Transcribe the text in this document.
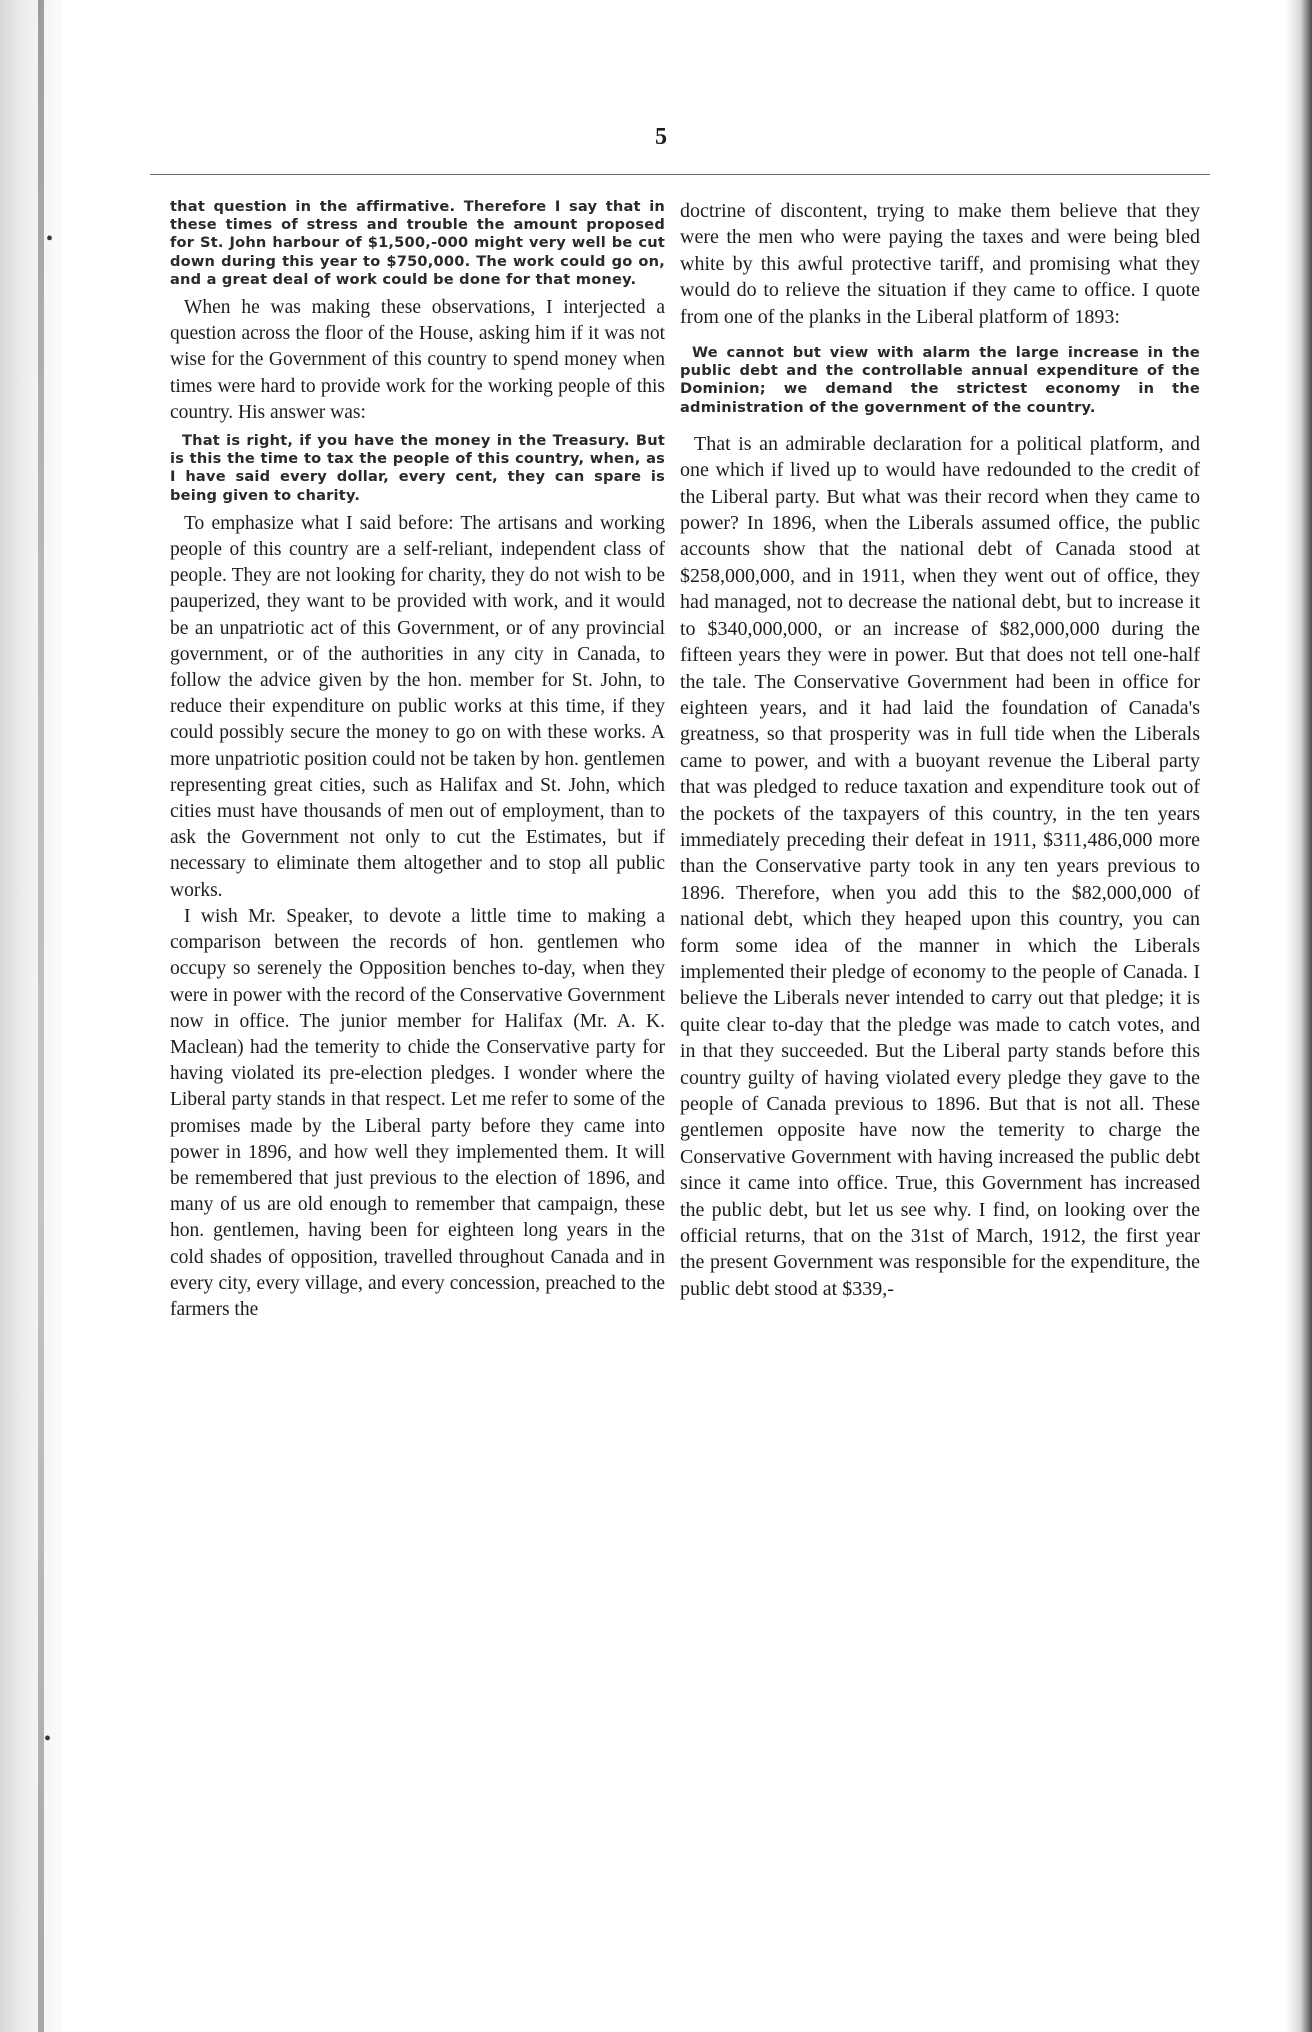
•
•
5

that question in the affirmative. Therefore I say that in these times of stress and trouble the amount proposed for St. John harbour of $1,500,-000 might very well be cut down during this year to $750,000. The work could go on, and a great deal of work could be done for that money.

When he was making these observations, I interjected a question across the floor of the House, asking him if it was not wise for the Government of this country to spend money when times were hard to provide work for the working people of this country. His answer was:

That is right, if you have the money in the Treasury. But is this the time to tax the people of this country, when, as I have said every dollar, every cent, they can spare is being given to charity.

To emphasize what I said before: The artisans and working people of this country are a self-reliant, independent class of people. They are not looking for charity, they do not wish to be pauperized, they want to be provided with work, and it would be an unpatriotic act of this Government, or of any provincial government, or of the authorities in any city in Canada, to follow the advice given by the hon. member for St. John, to reduce their expenditure on public works at this time, if they could possibly secure the money to go on with these works. A more unpatriotic position could not be taken by hon. gentlemen representing great cities, such as Halifax and St. John, which cities must have thousands of men out of employment, than to ask the Government not only to cut the Estimates, but if necessary to eliminate them altogether and to stop all public works.

I wish Mr. Speaker, to devote a little time to making a comparison between the records of hon. gentlemen who occupy so serenely the Opposition benches to-day, when they were in power with the record of the Conservative Government now in office. The junior member for Halifax (Mr. A. K. Maclean) had the temerity to chide the Conservative party for having violated its pre-election pledges. I wonder where the Liberal party stands in that respect. Let me refer to some of the promises made by the Liberal party before they came into power in 1896, and how well they implemented them. It will be remembered that just previous to the election of 1896, and many of us are old enough to remember that campaign, these hon. gentlemen, having been for eighteen long years in the cold shades of opposition, travelled throughout Canada and in every city, every village, and every concession, preached to the farmers the

doctrine of discontent, trying to make them believe that they were the men who were paying the taxes and were being bled white by this awful protective tariff, and promising what they would do to relieve the situation if they came to office. I quote from one of the planks in the Liberal platform of 1893:

We cannot but view with alarm the large increase in the public debt and the controllable annual expenditure of the Dominion; we demand the strictest economy in the administration of the government of the country.

That is an admirable declaration for a political platform, and one which if lived up to would have redounded to the credit of the Liberal party. But what was their record when they came to power? In 1896, when the Liberals assumed office, the public accounts show that the national debt of Canada stood at $258,000,000, and in 1911, when they went out of office, they had managed, not to decrease the national debt, but to increase it to $340,000,000, or an increase of $82,000,000 during the fifteen years they were in power. But that does not tell one-half the tale. The Conservative Government had been in office for eighteen years, and it had laid the foundation of Canada's greatness, so that prosperity was in full tide when the Liberals came to power, and with a buoyant revenue the Liberal party that was pledged to reduce taxation and expenditure took out of the pockets of the taxpayers of this country, in the ten years immediately preceding their defeat in 1911, $311,486,000 more than the Conservative party took in any ten years previous to 1896. Therefore, when you add this to the $82,000,000 of national debt, which they heaped upon this country, you can form some idea of the manner in which the Liberals implemented their pledge of economy to the people of Canada. I believe the Liberals never intended to carry out that pledge; it is quite clear to-day that the pledge was made to catch votes, and in that they succeeded. But the Liberal party stands before this country guilty of having violated every pledge they gave to the people of Canada previous to 1896. But that is not all. These gentlemen opposite have now the temerity to charge the Conservative Government with having increased the public debt since it came into office. True, this Government has increased the public debt, but let us see why. I find, on looking over the official returns, that on the 31st of March, 1912, the first year the present Government was responsible for the expenditure, the public debt stood at $339,-
